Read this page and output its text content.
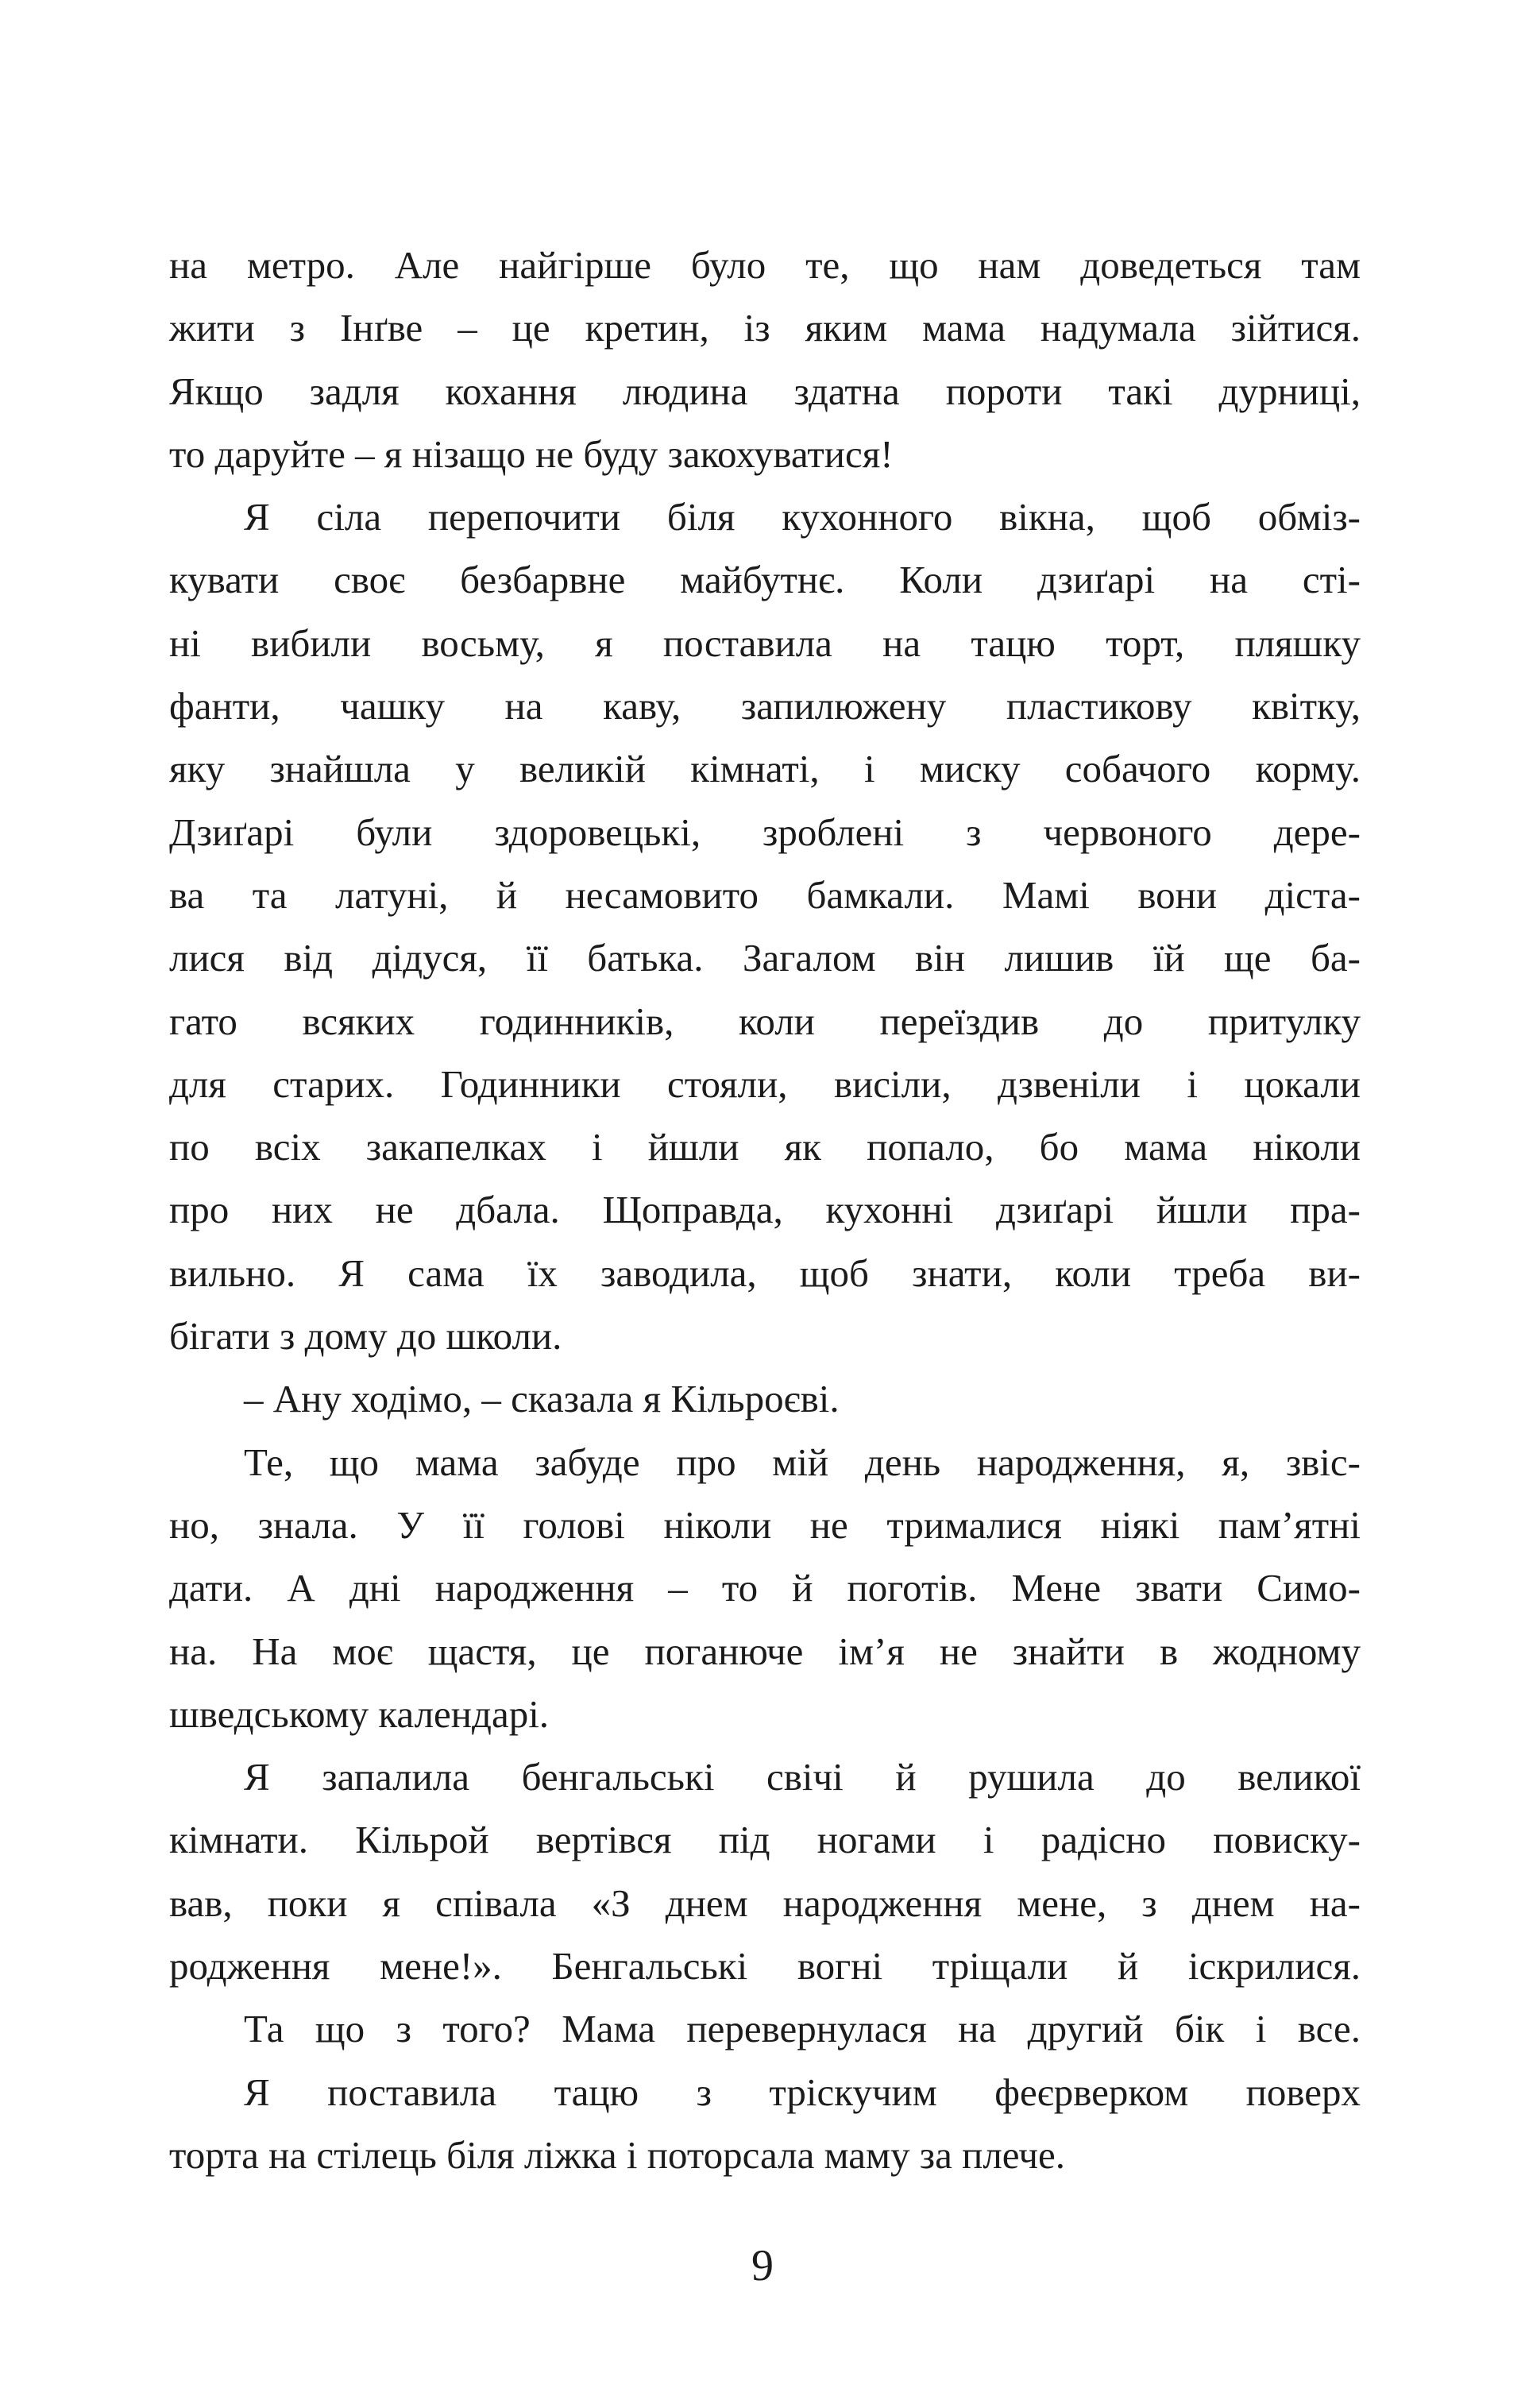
на метро. Але найгірше було те, що нам доведеться там
жити з Інґве – це кретин, із яким мама надумала зійтися.
Якщо задля кохання людина здатна пороти такі дурниці,
то даруйте – я нізащо не буду закохуватися!
Я сіла перепочити біля кухонного вікна, щоб обміз-
кувати своє безбарвне майбутнє. Коли дзиґарі на сті-
ні вибили восьму, я поставила на тацю торт, пляшку
фанти, чашку на каву, запилюжену пластикову квітку,
яку знайшла у великій кімнаті, і миску собачого корму.
Дзиґарі були здоровецькі, зроблені з червоного дере-
ва та латуні, й несамовито бамкали. Мамі вони діста-
лися від дідуся, її батька. Загалом він лишив їй ще ба-
гато всяких годинників, коли переїздив до притулку
для старих. Годинники стояли, висіли, дзвеніли і цокали
по всіх закапелках і йшли як попало, бо мама ніколи
про них не дбала. Щоправда, кухонні дзиґарі йшли пра-
вильно. Я сама їх заводила, щоб знати, коли треба ви-
бігати з дому до школи.
– Ану ходімо, – сказала я Кільроєві.
Те, що мама забуде про мій день народження, я, звіс-
но, знала. У її голові ніколи не трималися ніякі пам’ятні
дати. А дні народження – то й поготів. Мене звати Симо-
на. На моє щастя, це поганюче ім’я не знайти в жодному
шведському календарі.
Я запалила бенгальські свічі й рушила до великої
кімнати. Кільрой вертівся під ногами і радісно повиску-
вав, поки я співала «З днем народження мене, з днем на-
родження мене!». Бенгальські вогні тріщали й іскрилися.
Та що з того? Мама перевернулася на другий бік і все.
Я поставила тацю з тріскучим феєрверком поверх
торта на стілець біля ліжка і поторсала маму за плече.
9
